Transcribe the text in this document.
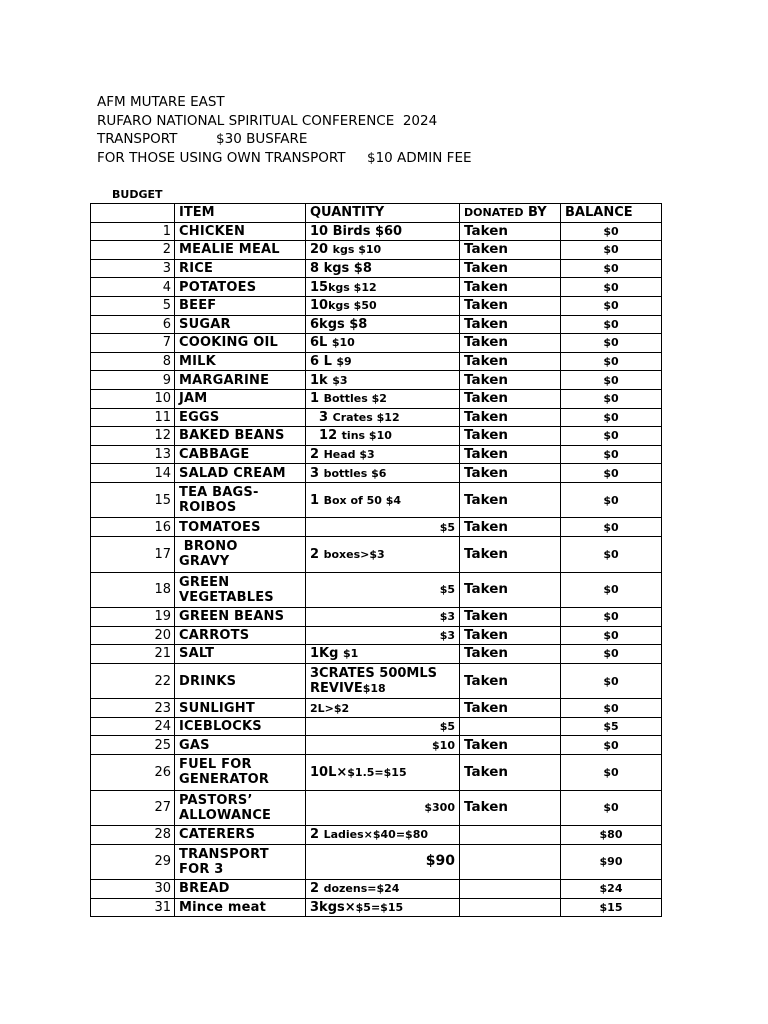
AFM MUTARE EAST
RUFARO NATIONAL SPIRITUAL CONFERENCE  2024
TRANSPORT         $30 BUSFARE
FOR THOSE USING OWN TRANSPORT     $10 ADMIN FEE
BUDGET
	ITEM	QUANTITY	DONATED BY	BALANCE
1	CHICKEN	10 Birds $60	Taken	$0
2	MEALIE MEAL	20 kgs $10	Taken	$0
3	RICE	8 kgs $8	Taken	$0
4	POTATOES	15kgs $12	Taken	$0
5	BEEF	10kgs $50	Taken	$0
6	SUGAR	6kgs $8	Taken	$0
7	COOKING OIL	6L $10	Taken	$0
8	MILK	6 L $9	Taken	$0
9	MARGARINE	1k $3	Taken	$0
10	JAM	1 Bottles $2	Taken	$0
11	EGGS	3 Crates $12	Taken	$0
12	BAKED BEANS	12 tins $10	Taken	$0
13	CABBAGE	2 Head $3	Taken	$0
14	SALAD CREAM	3 bottles $6	Taken	$0
15	TEA BAGS-
ROIBOS	1 Box of 50 $4	Taken	$0
16	TOMATOES	$5	Taken	$0
17	BRONO
GRAVY	2 boxes>$3	Taken	$0
18	GREEN
VEGETABLES	$5	Taken	$0
19	GREEN BEANS	$3	Taken	$0
20	CARROTS	$3	Taken	$0
21	SALT	1Kg $1	Taken	$0
22	DRINKS	3CRATES 500MLS
REVIVE$18	Taken	$0
23	SUNLIGHT	2L>$2	Taken	$0
24	ICEBLOCKS	$5		$5
25	GAS	$10	Taken	$0
26	FUEL FOR
GENERATOR	10L×$1.5=$15	Taken	$0
27	PASTORS’
ALLOWANCE	$300	Taken	$0
28	CATERERS	2 Ladies×$40=$80		$80
29	TRANSPORT
FOR 3	$90		$90
30	BREAD	2 dozens=$24		$24
31	Mince meat	3kgs×$5=$15		$15
